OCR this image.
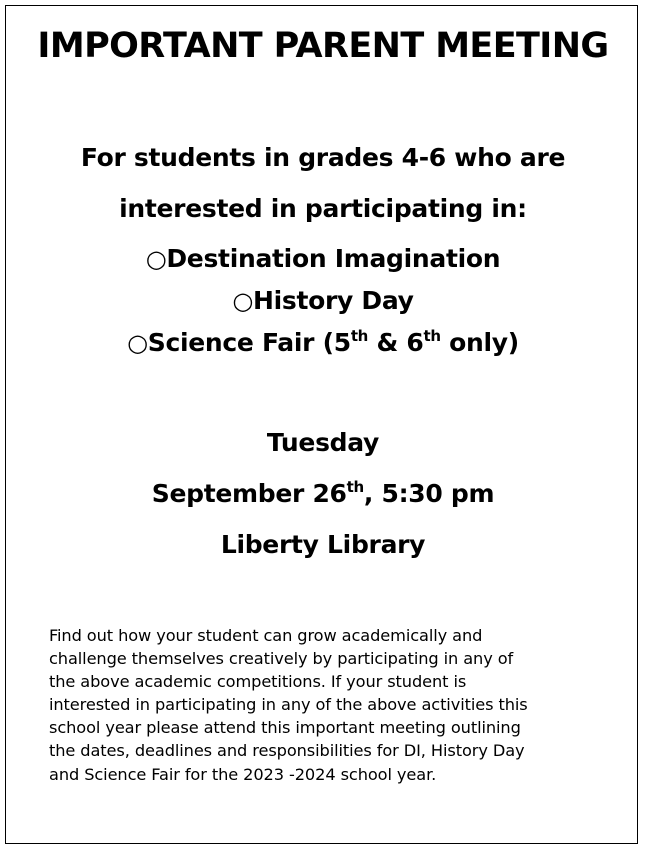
IMPORTANT PARENT MEETING
For students in grades 4-6 who are
interested in participating in:
○Destination Imagination
○History Day
○Science Fair (5th & 6th only)
Tuesday
September 26th, 5:30 pm
Liberty Library
Find out how your student can grow academically and
challenge themselves creatively by participating in any of
the above academic competitions. If your student is
interested in participating in any of the above activities this
school year please attend this important meeting outlining
the dates, deadlines and responsibilities for DI, History Day
and Science Fair for the 2023 -2024 school year.
